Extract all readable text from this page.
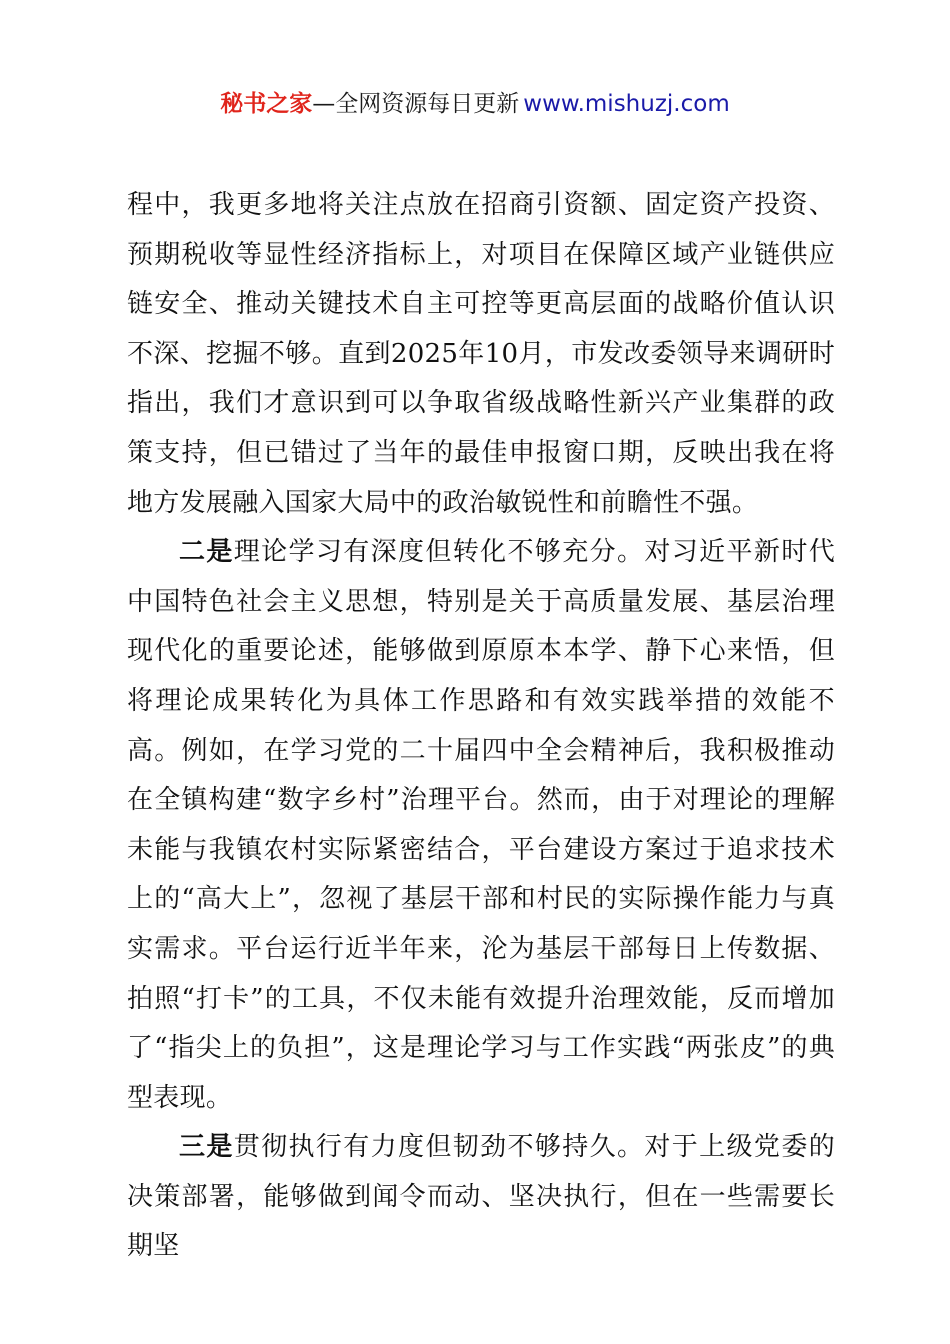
秘书之家—全网资源每日更新 www.mishuzj.com

程中，我更多地将关注点放在招商引资额、固定资产投资、预期税收等显性经济指标上，对项目在保障区域产业链供应链安全、推动关键技术自主可控等更高层面的战略价值认识不深、挖掘不够。直到2025年10月，市发改委领导来调研时指出，我们才意识到可以争取省级战略性新兴产业集群的政策支持，但已错过了当年的最佳申报窗口期，反映出我在将地方发展融入国家大局中的政治敏锐性和前瞻性不强。

二是理论学习有深度但转化不够充分。对习近平新时代中国特色社会主义思想，特别是关于高质量发展、基层治理现代化的重要论述，能够做到原原本本学、静下心来悟，但将理论成果转化为具体工作思路和有效实践举措的效能不高。例如，在学习党的二十届四中全会精神后，我积极推动在全镇构建“数字乡村”治理平台。然而，由于对理论的理解未能与我镇农村实际紧密结合，平台建设方案过于追求技术上的“高大上”，忽视了基层干部和村民的实际操作能力与真实需求。平台运行近半年来，沦为基层干部每日上传数据、拍照“打卡”的工具，不仅未能有效提升治理效能，反而增加了“指尖上的负担”，这是理论学习与工作实践“两张皮”的典型表现。

三是贯彻执行有力度但韧劲不够持久。对于上级党委的决策部署，能够做到闻令而动、坚决执行，但在一些需要长期坚
